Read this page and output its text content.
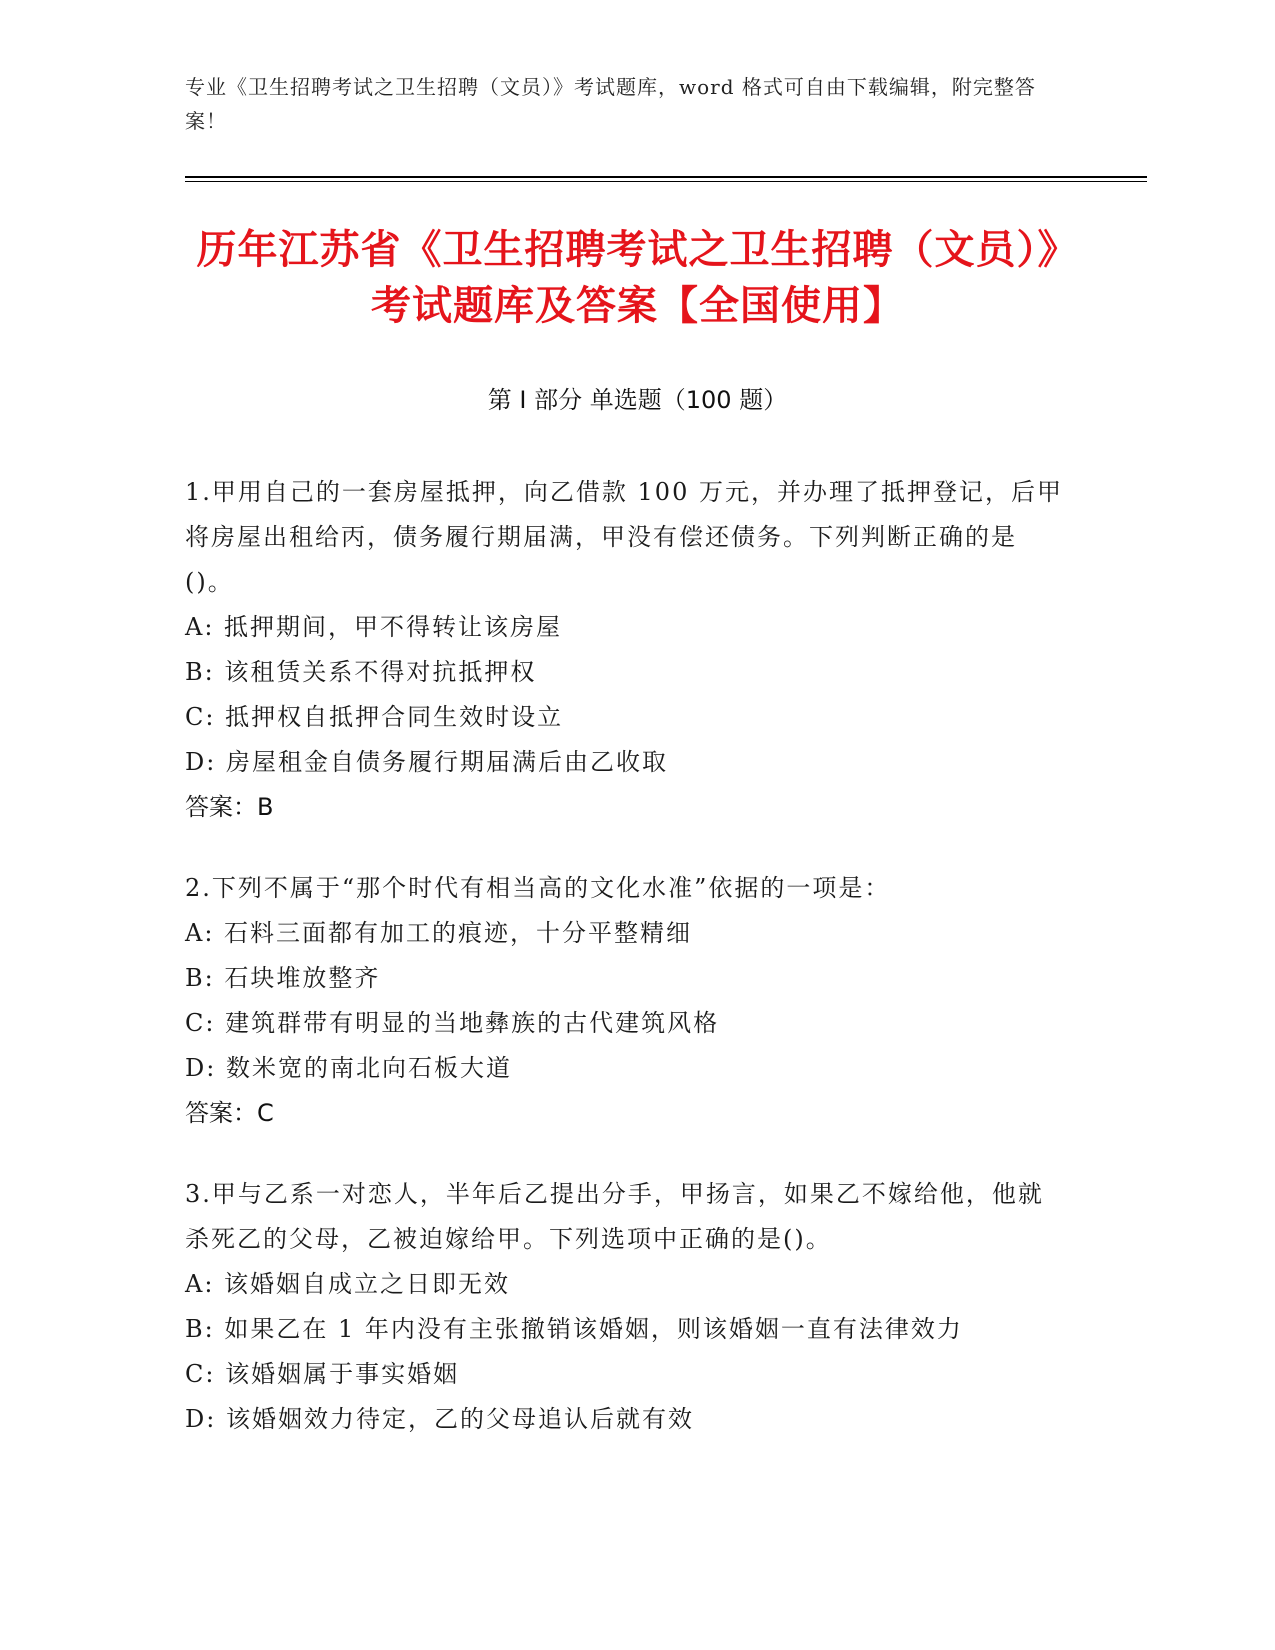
专业《卫生招聘考试之卫生招聘（文员）》考试题库，word 格式可自由下载编辑，附完整答案！
历年江苏省《卫生招聘考试之卫生招聘（文员）》考试题库及答案【全国使用】
第 I 部分 单选题（100 题）

1.甲用自己的一套房屋抵押，向乙借款 100 万元，并办理了抵押登记，后甲将房屋出租给丙，债务履行期届满，甲没有偿还债务。下列判断正确的是()。

A: 抵押期间，甲不得转让该房屋

B: 该租赁关系不得对抗抵押权

C: 抵押权自抵押合同生效时设立

D: 房屋租金自债务履行期届满后由乙收取

答案：B

2.下列不属于“那个时代有相当高的文化水准”依据的一项是：

A: 石料三面都有加工的痕迹，十分平整精细

B: 石块堆放整齐

C: 建筑群带有明显的当地彝族的古代建筑风格

D: 数米宽的南北向石板大道

答案：C

3.甲与乙系一对恋人，半年后乙提出分手，甲扬言，如果乙不嫁给他，他就杀死乙的父母，乙被迫嫁给甲。下列选项中正确的是()。

A: 该婚姻自成立之日即无效

B: 如果乙在 1 年内没有主张撤销该婚姻，则该婚姻一直有法律效力

C: 该婚姻属于事实婚姻

D: 该婚姻效力待定，乙的父母追认后就有效
